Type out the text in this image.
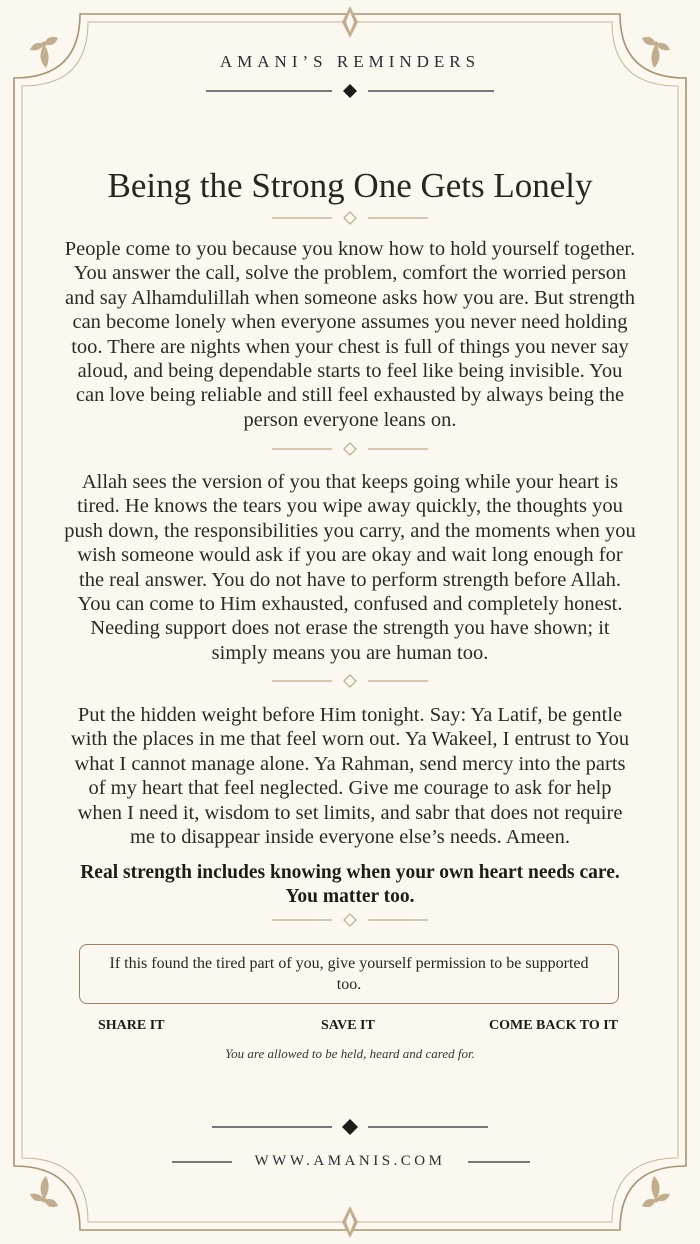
AMANI’S REMINDERS
Being the Strong One Gets Lonely

People come to you because you know how to hold yourself together. You answer the call, solve the problem, comfort the worried person and say Alhamdulillah when someone asks how you are. But strength can become lonely when everyone assumes you never need holding too. There are nights when your chest is full of things you never say aloud, and being dependable starts to feel like being invisible. You can love being reliable and still feel exhausted by always being the person everyone leans on.

Allah sees the version of you that keeps going while your heart is tired. He knows the tears you wipe away quickly, the thoughts you push down, the responsibilities you carry, and the moments when you wish someone would ask if you are okay and wait long enough for the real answer. You do not have to perform strength before Allah. You can come to Him exhausted, confused and completely honest. Needing support does not erase the strength you have shown; it simply means you are human too.

Put the hidden weight before Him tonight. Say: Ya Latif, be gentle with the places in me that feel worn out. Ya Wakeel, I entrust to You what I cannot manage alone. Ya Rahman, send mercy into the parts of my heart that feel neglected. Give me courage to ask for help when I need it, wisdom to set limits, and sabr that does not require me to disappear inside everyone else’s needs. Ameen.

Real strength includes knowing when your own heart needs care. You matter too.
If this found the tired part of you, give yourself permission to be supported too.
SHARE IT	SAVE IT	COME BACK TO IT
You are allowed to be held, heard and cared for.
WWW.AMANIS.COM
